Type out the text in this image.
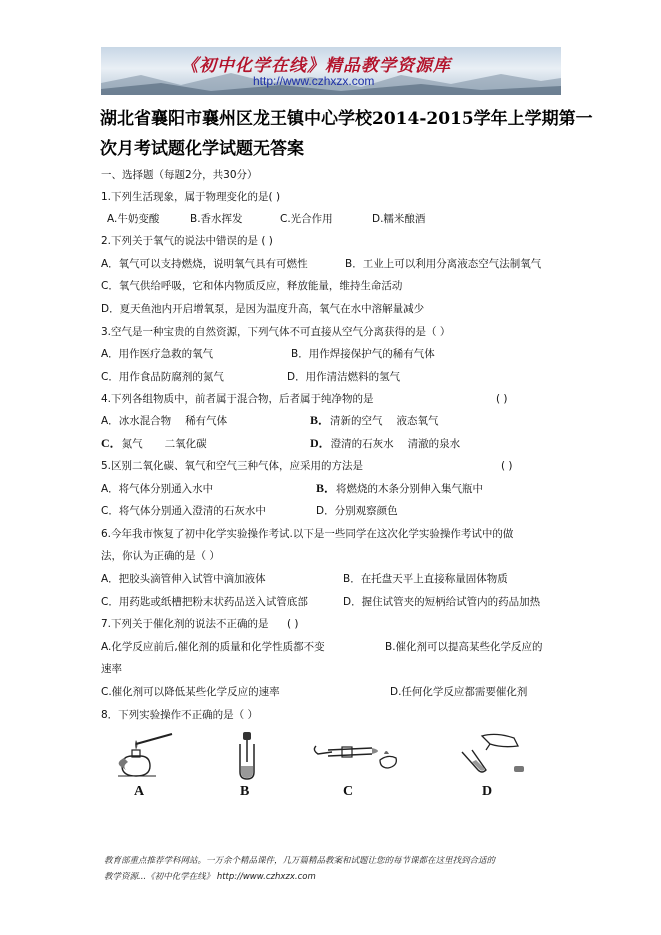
《初中化学在线》精品教学资源库
http://www.czhxzx.com
湖北省襄阳市襄州区龙王镇中心学校2014-2015学年上学期第一
次月考试题化学试题无答案
一、选择题（每题2分，共30分）
1.下列生活现象，属于物理变化的是( )
A.牛奶变酸	B.香水挥发	C.光合作用	D.糯米酿酒
2.下列关于氧气的说法中错误的是 ( )
A．氧气可以支持燃烧，说明氧气具有可燃性	B．工业上可以利用分离液态空气法制氧气
C．氧气供给呼吸，它和体内物质反应，释放能量，维持生命活动
D．夏天鱼池内开启增氧泵，是因为温度升高，氧气在水中溶解量减少
3.空气是一种宝贵的自然资源，下列气体不可直接从空气分离获得的是（ ）
A．用作医疗急救的氧气	B．用作焊接保护气的稀有气体
C．用作食品防腐剂的氮气	D．用作清洁燃料的氢气
4.下列各组物质中，前者属于混合物，后者属于纯净物的是	( )
A．冰水混合物 稀有气体	B．清新的空气 液态氧气
C．氮气 二氧化碳	D．澄清的石灰水 清澈的泉水
5.区别二氧化碳、氧气和空气三种气体，应采用的方法是	( )
A．将气体分别通入水中	B．将燃烧的木条分别伸入集气瓶中
C．将气体分别通入澄清的石灰水中	D．分别观察颜色
6.今年我市恢复了初中化学实验操作考试.以下是一些同学在这次化学实验操作考试中的做
法，你认为正确的是（ ）
A．把胶头滴管伸入试管中滴加液体	B．在托盘天平上直接称量固体物质
C．用药匙或纸槽把粉末状药品送入试管底部	D．握住试管夹的短柄给试管内的药品加热
7.下列关于催化剂的说法不正确的是 ( )
A.化学反应前后,催化剂的质量和化学性质都不变	B.催化剂可以提高某些化学反应的
速率
C.催化剂可以降低某些化学反应的速率	D.任何化学反应都需要催化剂
8．下列实验操作不正确的是（ ）
A	B	C	D
教育部重点推荐学科网站。一万余个精品课件，几万篇精品教案和试题让您的每节课都在这里找到合适的
教学资源...《初中化学在线》 http://www.czhxzx.com
